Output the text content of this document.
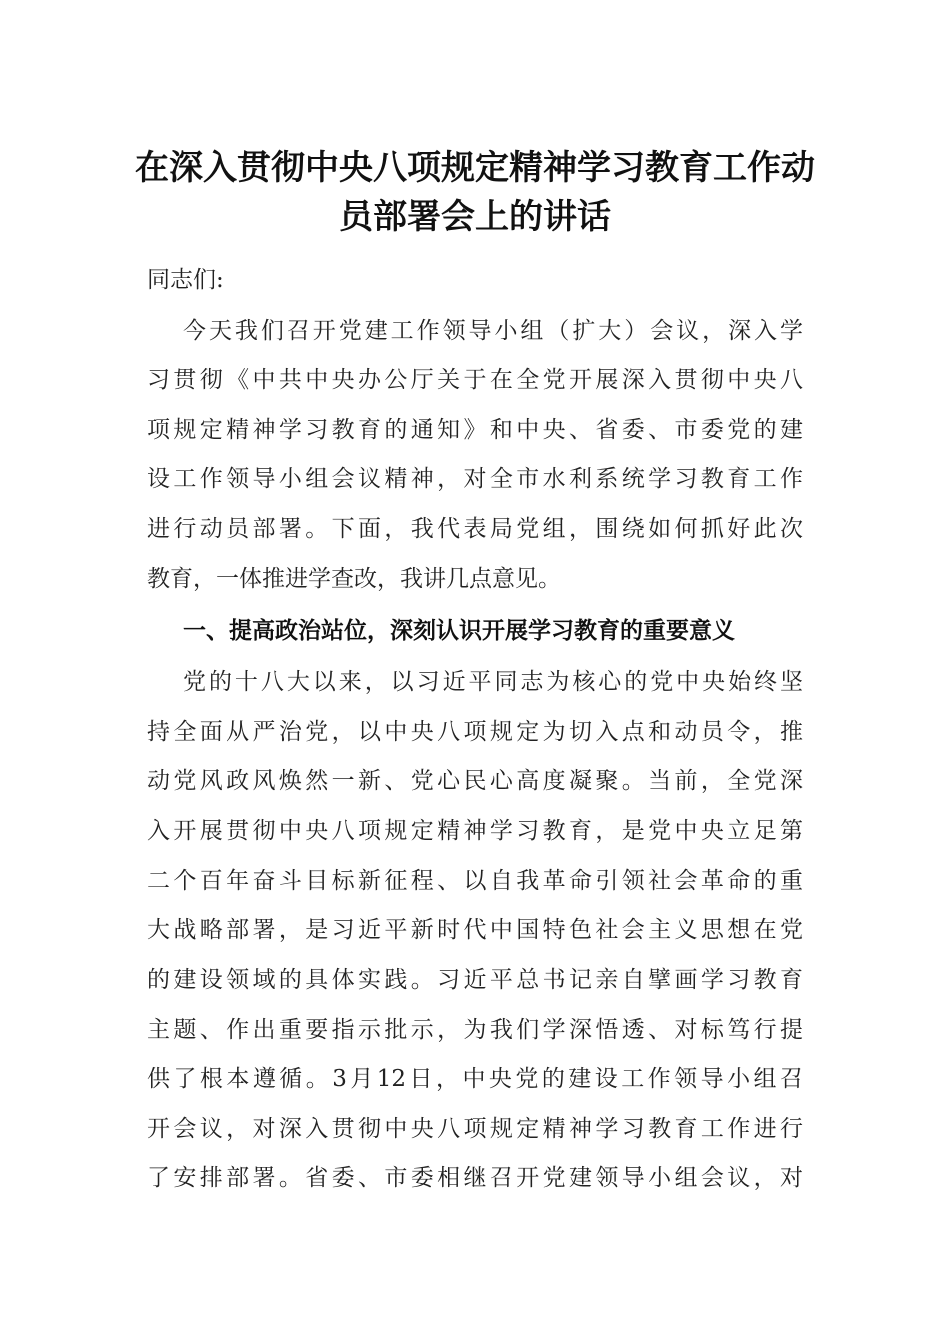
在深入贯彻中央八项规定精神学习教育工作动
员部署会上的讲话
同志们:
今天我们召开党建工作领导小组（扩大）会议，深入学
习贯彻《中共中央办公厅关于在全党开展深入贯彻中央八
项规定精神学习教育的通知》和中央、省委、市委党的建
设工作领导小组会议精神，对全市水利系统学习教育工作
进行动员部署。下面，我代表局党组，围绕如何抓好此次
教育，一体推进学查改，我讲几点意见。
一、提高政治站位，深刻认识开展学习教育的重要意义
党的十八大以来，以习近平同志为核心的党中央始终坚
持全面从严治党，以中央八项规定为切入点和动员令，推
动党风政风焕然一新、党心民心高度凝聚。当前，全党深
入开展贯彻中央八项规定精神学习教育，是党中央立足第
二个百年奋斗目标新征程、以自我革命引领社会革命的重
大战略部署，是习近平新时代中国特色社会主义思想在党
的建设领域的具体实践。习近平总书记亲自擘画学习教育
主题、作出重要指示批示，为我们学深悟透、对标笃行提
供了根本遵循。3月12日，中央党的建设工作领导小组召
开会议，对深入贯彻中央八项规定精神学习教育工作进行
了安排部署。省委、市委相继召开党建领导小组会议，对
